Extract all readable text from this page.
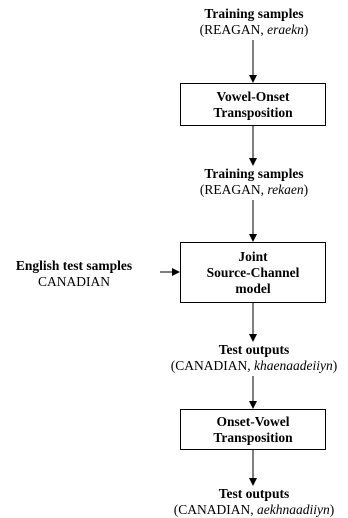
Training samples
(REAGAN, eraekn)
Vowel-Onset
Transposition
Training samples
(REAGAN, rekaen)
Joint
Source-Channel
model
English test samples
CANADIAN
Test outputs
(CANADIAN, khaenaadeiiyn)
Onset-Vowel
Transposition
Test outputs
(CANADIAN, aekhnaadiiyn)
